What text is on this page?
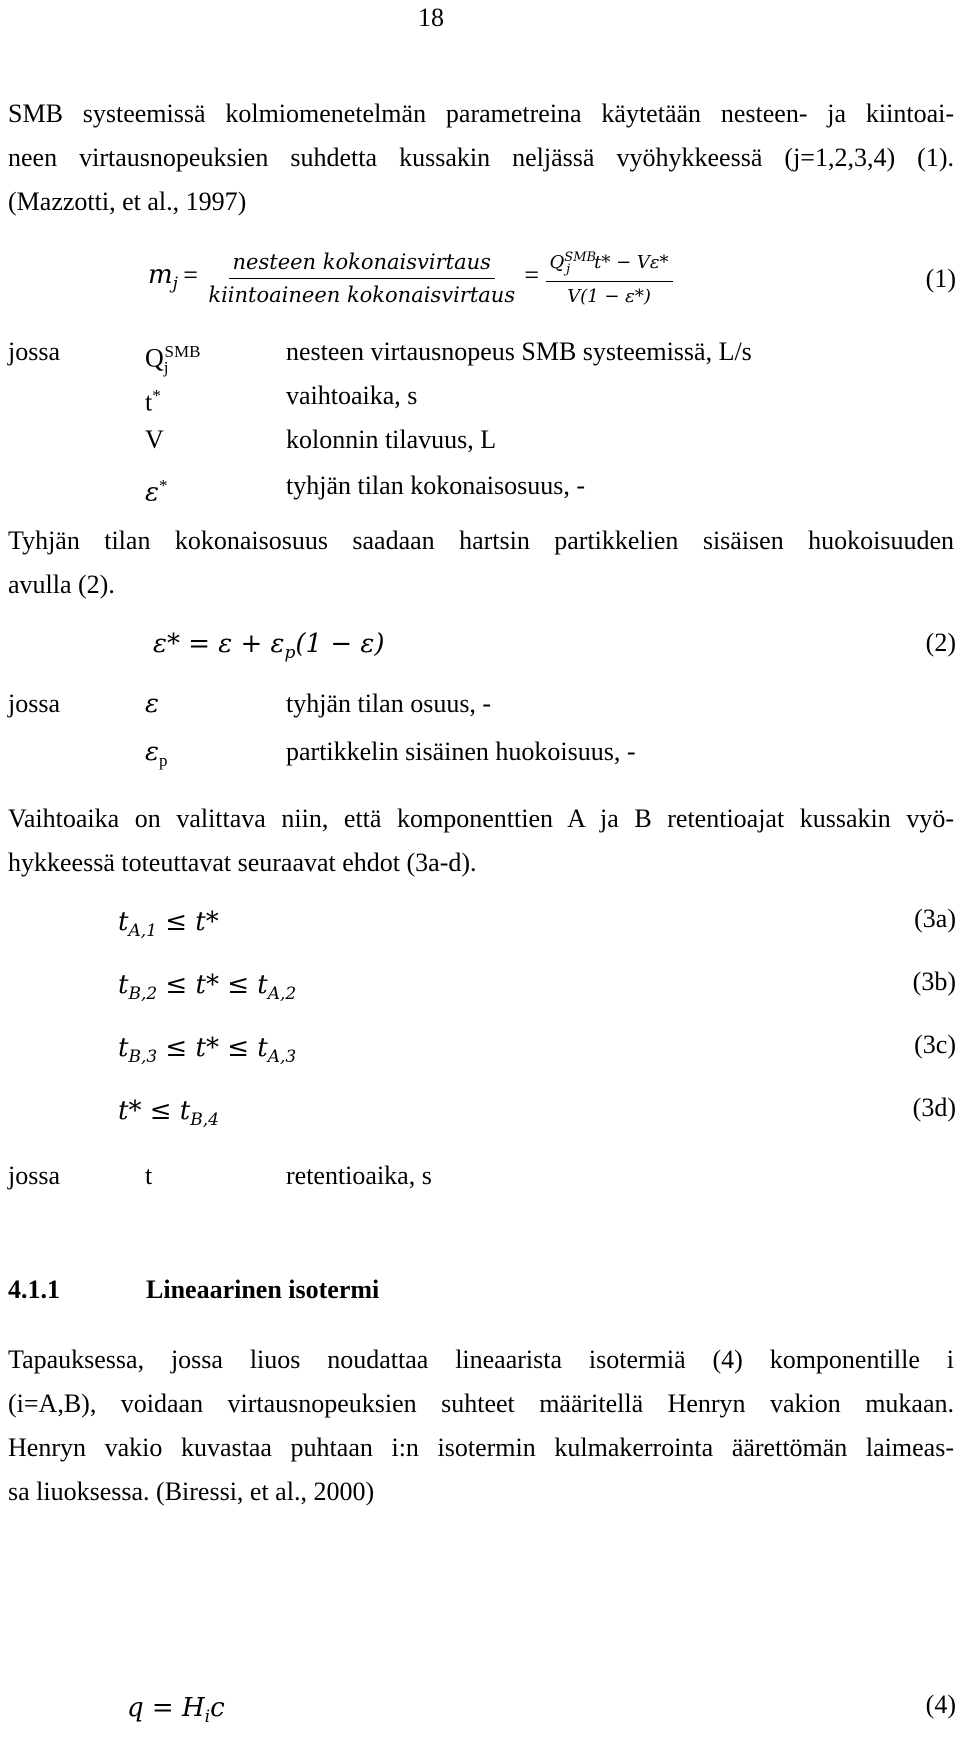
18
SMB systeemissä kolmiomenetelmän parametreina käytetään nesteen- ja kiintoai-
neen virtausnopeuksien suhdetta kussakin neljässä vyöhykkeessä (j=1,2,3,4) (1).
(Mazzotti, et al., 1997)
$m_j = \frac{\text{nesteen kokonaisvirtaus}}{\text{kiintoaineen kokonaisvirtaus}} = \frac{Q^{SMB}_j t* - V\varepsilon*}{V(1 - \varepsilon*)}$	(1)
jossa	$Q_j^{SMB}$	nesteen virtausnopeus SMB systeemissä, L/s
t*	vaihtoaika, s
V	kolonnin tilavuus, L
ε*	tyhjän tilan kokonaisosuus, -
Tyhjän tilan kokonaisosuus saadaan hartsin partikkelien sisäisen huokoisuuden
avulla (2).
$\varepsilon* = \varepsilon + \varepsilon_p(1 - \varepsilon)$	(2)
jossa	ε	tyhjän tilan osuus, -
$\varepsilon_p$	partikkelin sisäinen huokoisuus, -
Vaihtoaika on valittava niin, että komponenttien A ja B retentioajat kussakin vyö-
hykkeessä toteuttavat seuraavat ehdot (3a-d).
$t_{A,1} \le t*$	(3a)
$t_{B,2} \le t* \le t_{A,2}$	(3b)
$t_{B,3} \le t* \le t_{A,3}$	(3c)
$t* \le t_{B,4}$	(3d)
jossa	t	retentioaika, s
4.1.1	Lineaarinen isotermi
Tapauksessa, jossa liuos noudattaa lineaarista isotermiä (4) komponentille i
(i=A,B), voidaan virtausnopeuksien suhteet määritellä Henryn vakion mukaan.
Henryn vakio kuvastaa puhtaan i:n isotermin kulmakerrointa äärettömän laimeas-
sa liuoksessa. (Biressi, et al., 2000)
$q = H_ic$	(4)
